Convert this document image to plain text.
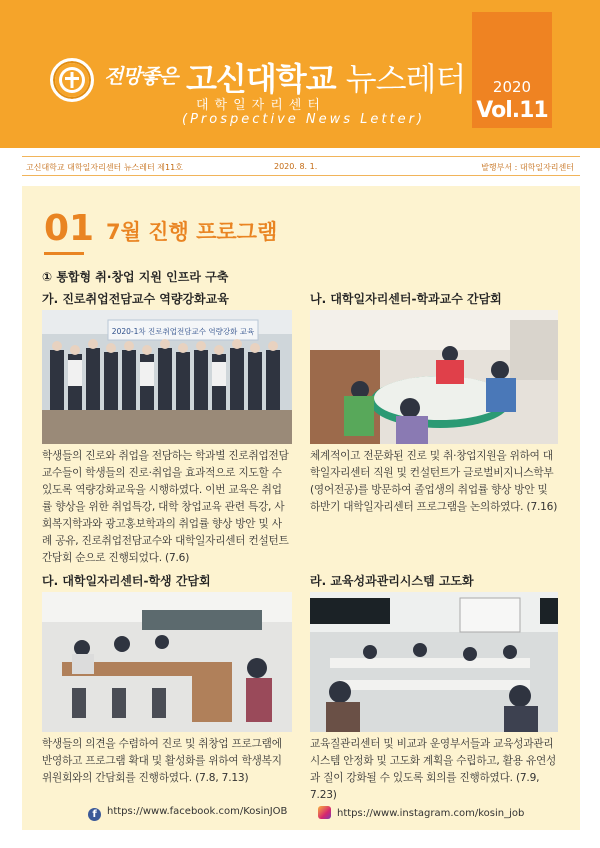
전망좋은 고신대학교 뉴스레터
대학일자리센터
(Prospective News Letter)
2020
Vol.11
고신대학교 대학일자리센터 뉴스레터 제11호	2020. 8. 1.	발행부서 : 대학일자리센터
01 7월 진행 프로그램
① 통합형 취·창업 지원 인프라 구축
가. 진로취업전담교수 역량강화교육
2020-1차 진로취업전담교수 역량강화 교육
학생들의 진로와 취업을 전담하는 학과별 진로취업전담교수들이 학생들의 진로·취업을 효과적으로 지도할 수 있도록 역량강화교육을 시행하였다. 이번 교육은 취업률 향상을 위한 취업특강, 대학 창업교육 관련 특강, 사회복지학과와 광고홍보학과의 취업률 향상 방안 및 사례 공유, 진로취업전담교수와 대학일자리센터 컨설턴트 간담회 순으로 진행되었다. (7.6)
나. 대학일자리센터-학과교수 간담회
체계적이고 전문화된 진로 및 취·창업지원을 위하여 대학일자리센터 직원 및 컨설턴트가 글로벌비지니스학부(영어전공)를 방문하여 졸업생의 취업률 향상 방안 및 하반기 대학일자리센터 프로그램을 논의하였다. (7.16)
다. 대학일자리센터-학생 간담회
학생들의 의견을 수렴하여 진로 및 취창업 프로그램에 반영하고 프로그램 확대 및 활성화를 위하여 학생복지위원회와의 간담회를 진행하였다. (7.8, 7.13)
라. 교육성과관리시스템 고도화
교육질관리센터 및 비교과 운영부서들과 교육성과관리시스템 안정화 및 고도화 계획을 수립하고, 활용 유연성과 질이 강화될 수 있도록 회의를 진행하였다. (7.9, 7.23)
f https://www.facebook.com/KosinJOB	https://www.instagram.com/kosin_job
